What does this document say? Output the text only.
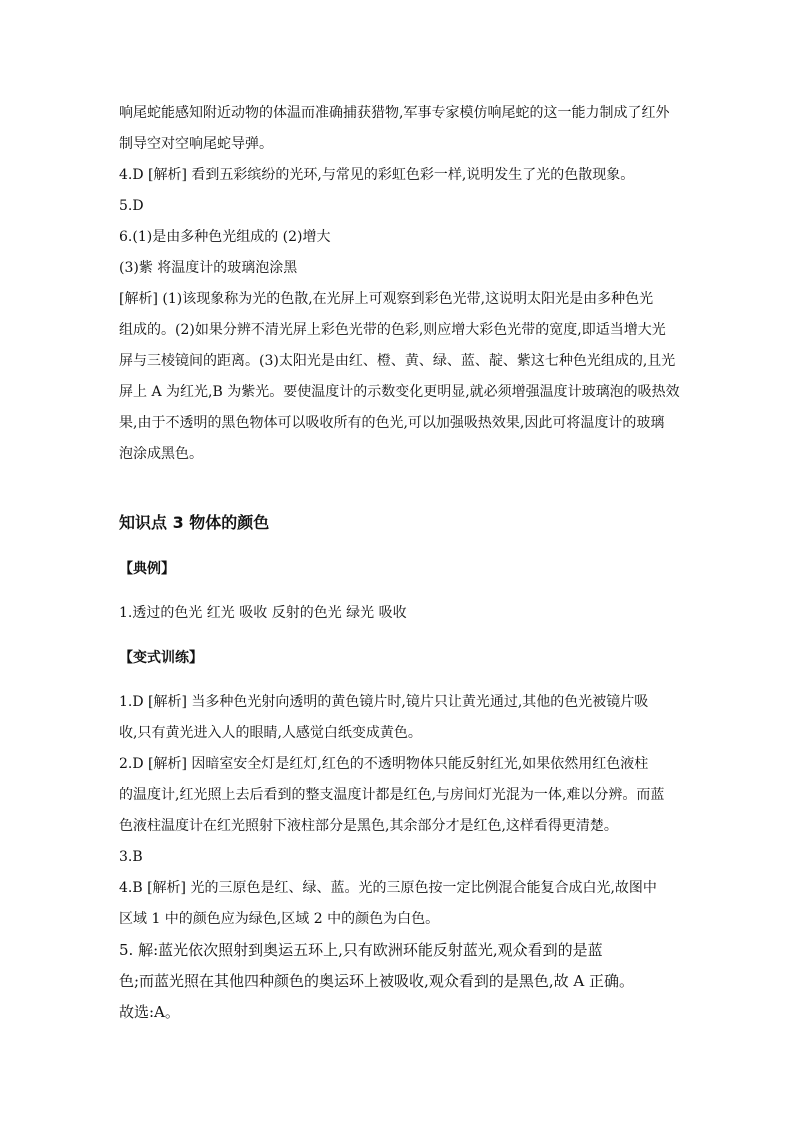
响尾蛇能感知附近动物的体温而准确捕获猎物,军事专家模仿响尾蛇的这一能力制成了红外

制导空对空响尾蛇导弹。

4.D [解析] 看到五彩缤纷的光环,与常见的彩虹色彩一样,说明发生了光的色散现象。

5.D

6.(1)是由多种色光组成的 (2)增大

(3)紫 将温度计的玻璃泡涂黑

[解析] (1)该现象称为光的色散,在光屏上可观察到彩色光带,这说明太阳光是由多种色光

组成的。(2)如果分辨不清光屏上彩色光带的色彩,则应增大彩色光带的宽度,即适当增大光

屏与三棱镜间的距离。(3)太阳光是由红、橙、黄、绿、蓝、靛、紫这七种色光组成的,且光

屏上 A 为红光,B 为紫光。要使温度计的示数变化更明显,就必须增强温度计玻璃泡的吸热效

果,由于不透明的黑色物体可以吸收所有的色光,可以加强吸热效果,因此可将温度计的玻璃

泡涂成黑色。

知识点 3 物体的颜色

【典例】

1.透过的色光 红光 吸收 反射的色光 绿光 吸收

【变式训练】

1.D [解析] 当多种色光射向透明的黄色镜片时,镜片只让黄光通过,其他的色光被镜片吸

收,只有黄光进入人的眼睛,人感觉白纸变成黄色。

2.D [解析] 因暗室安全灯是红灯,红色的不透明物体只能反射红光,如果依然用红色液柱

的温度计,红光照上去后看到的整支温度计都是红色,与房间灯光混为一体,难以分辨。而蓝

色液柱温度计在红光照射下液柱部分是黑色,其余部分才是红色,这样看得更清楚。

3.B

4.B [解析] 光的三原色是红、绿、蓝。光的三原色按一定比例混合能复合成白光,故图中

区域 1 中的颜色应为绿色,区域 2 中的颜色为白色。

5. 解:蓝光依次照射到奥运五环上,只有欧洲环能反射蓝光,观众看到的是蓝

色;而蓝光照在其他四种颜色的奥运环上被吸收,观众看到的是黑色,故 A 正确。

故选:A。
